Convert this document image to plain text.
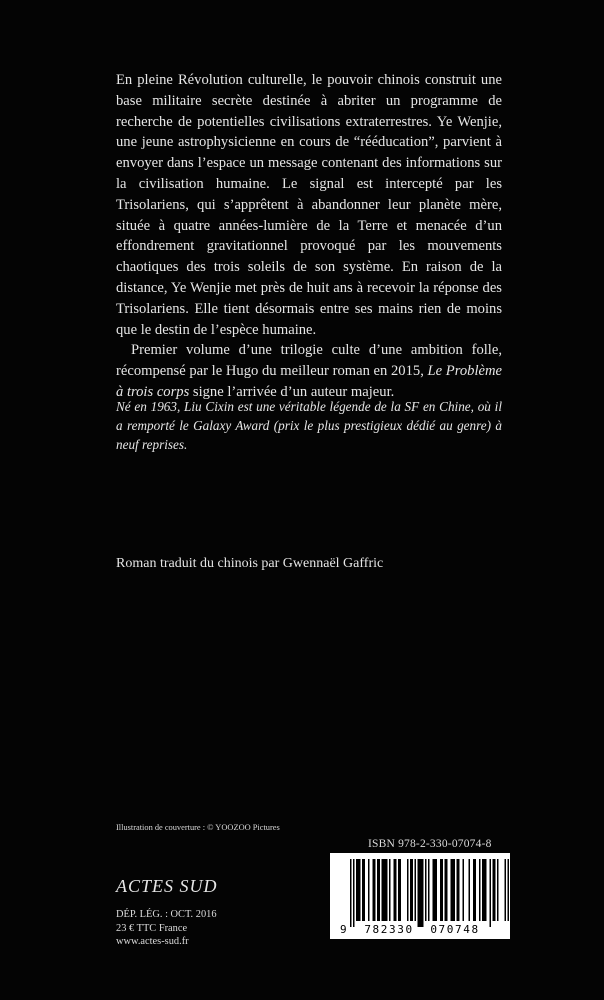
En pleine Révolution culturelle, le pouvoir chinois construit une base militaire secrète destinée à abriter un programme de recherche de potentielles civilisations extraterrestres. Ye Wenjie, une jeune astrophysicienne en cours de “rééducation”, parvient à envoyer dans l’espace un message contenant des informations sur la civilisation humaine. Le signal est intercepté par les Trisolariens, qui s’apprêtent à abandonner leur planète mère, située à quatre années-lumière de la Terre et menacée d’un effondrement gravitationnel provoqué par les mouvements chaotiques des trois soleils de son système. En raison de la distance, Ye Wenjie met près de huit ans à recevoir la réponse des Trisolariens. Elle tient désormais entre ses mains rien de moins que le destin de l’espèce humaine.

Premier volume d’une trilogie culte d’une ambition folle, récompensé par le Hugo du meilleur roman en 2015, Le Problème à trois corps signe l’arrivée d’un auteur majeur.

Né en 1963, Liu Cixin est une véritable légende de la SF en Chine, où il a remporté le Galaxy Award (prix le plus prestigieux dédié au genre) à neuf reprises.

Roman traduit du chinois par Gwennaël Gaffric

Illustration de couverture : © YOOZOO Pictures

ISBN 978-2-330-07074-8

ACTES SUD
DÉP. LÉG. : OCT. 2016
23 € TTC France
www.actes-sud.fr
9 782330 070748
